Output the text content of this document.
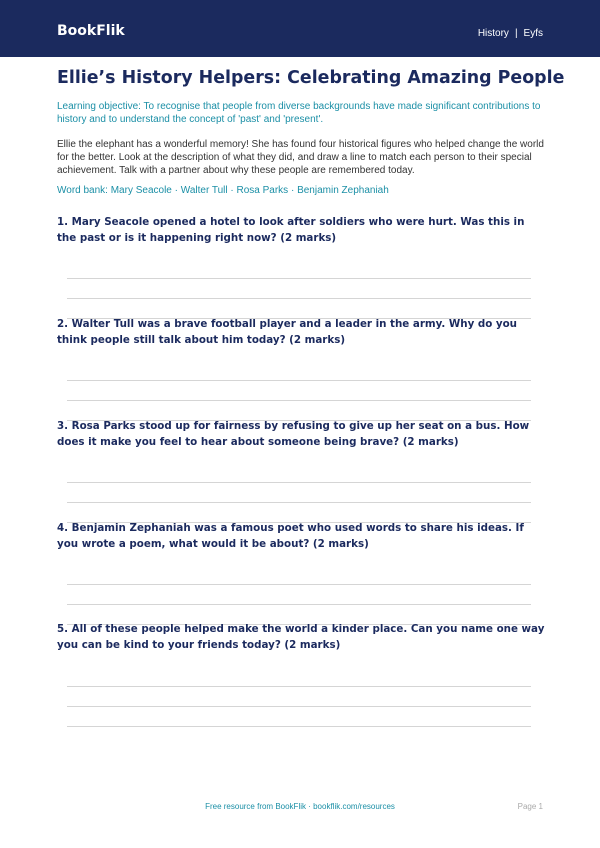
BookFlik	History | Eyfs
Ellie’s History Helpers: Celebrating Amazing People

Learning objective: To recognise that people from diverse backgrounds have made significant contributions to history and to understand the concept of 'past' and 'present'.

Ellie the elephant has a wonderful memory! She has found four historical figures who helped change the world for the better. Look at the description of what they did, and draw a line to match each person to their special achievement. Talk with a partner about why these people are remembered today.

Word bank: Mary Seacole · Walter Tull · Rosa Parks · Benjamin Zephaniah

1. Mary Seacole opened a hotel to look after soldiers who were hurt. Was this in the past or is it happening right now? (2 marks)

2. Walter Tull was a brave football player and a leader in the army. Why do you think people still talk about him today? (2 marks)

3. Rosa Parks stood up for fairness by refusing to give up her seat on a bus. How does it make you feel to hear about someone being brave? (2 marks)

4. Benjamin Zephaniah was a famous poet who used words to share his ideas. If you wrote a poem, what would it be about? (2 marks)

5. All of these people helped make the world a kinder place. Can you name one way you can be kind to your friends today? (2 marks)

Free resource from BookFlik · bookflik.com/resources	Page 1
